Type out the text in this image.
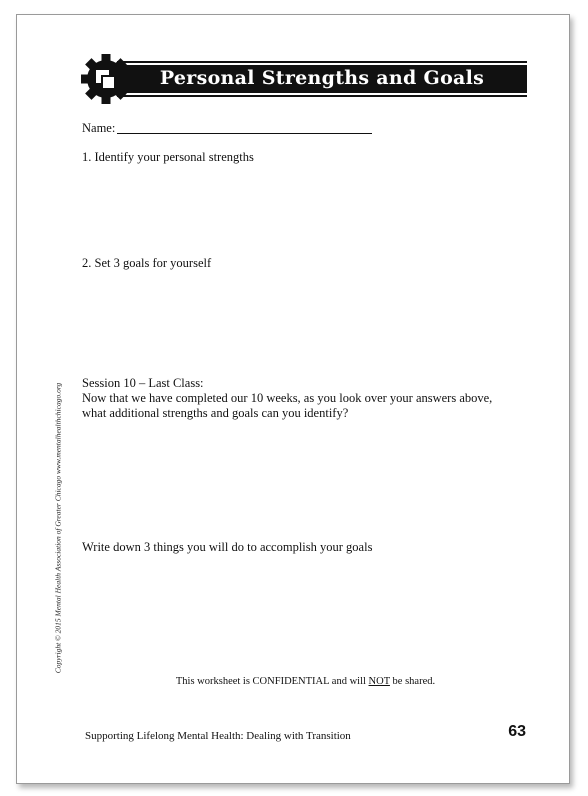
Personal Strengths and Goals
Name:
1. Identify your personal strengths
2. Set 3 goals for yourself
Session 10 – Last Class:
Now that we have completed our 10 weeks, as you look over your answers above,
what additional strengths and goals can you identify?
Write down 3 things you will do to accomplish your goals
This worksheet is CONFIDENTIAL and will NOT be shared.
Copyright © 2015 Mental Health Association of Greater Chicago www.mentalhealthchicago.org
Supporting Lifelong Mental Health: Dealing with Transition	63
